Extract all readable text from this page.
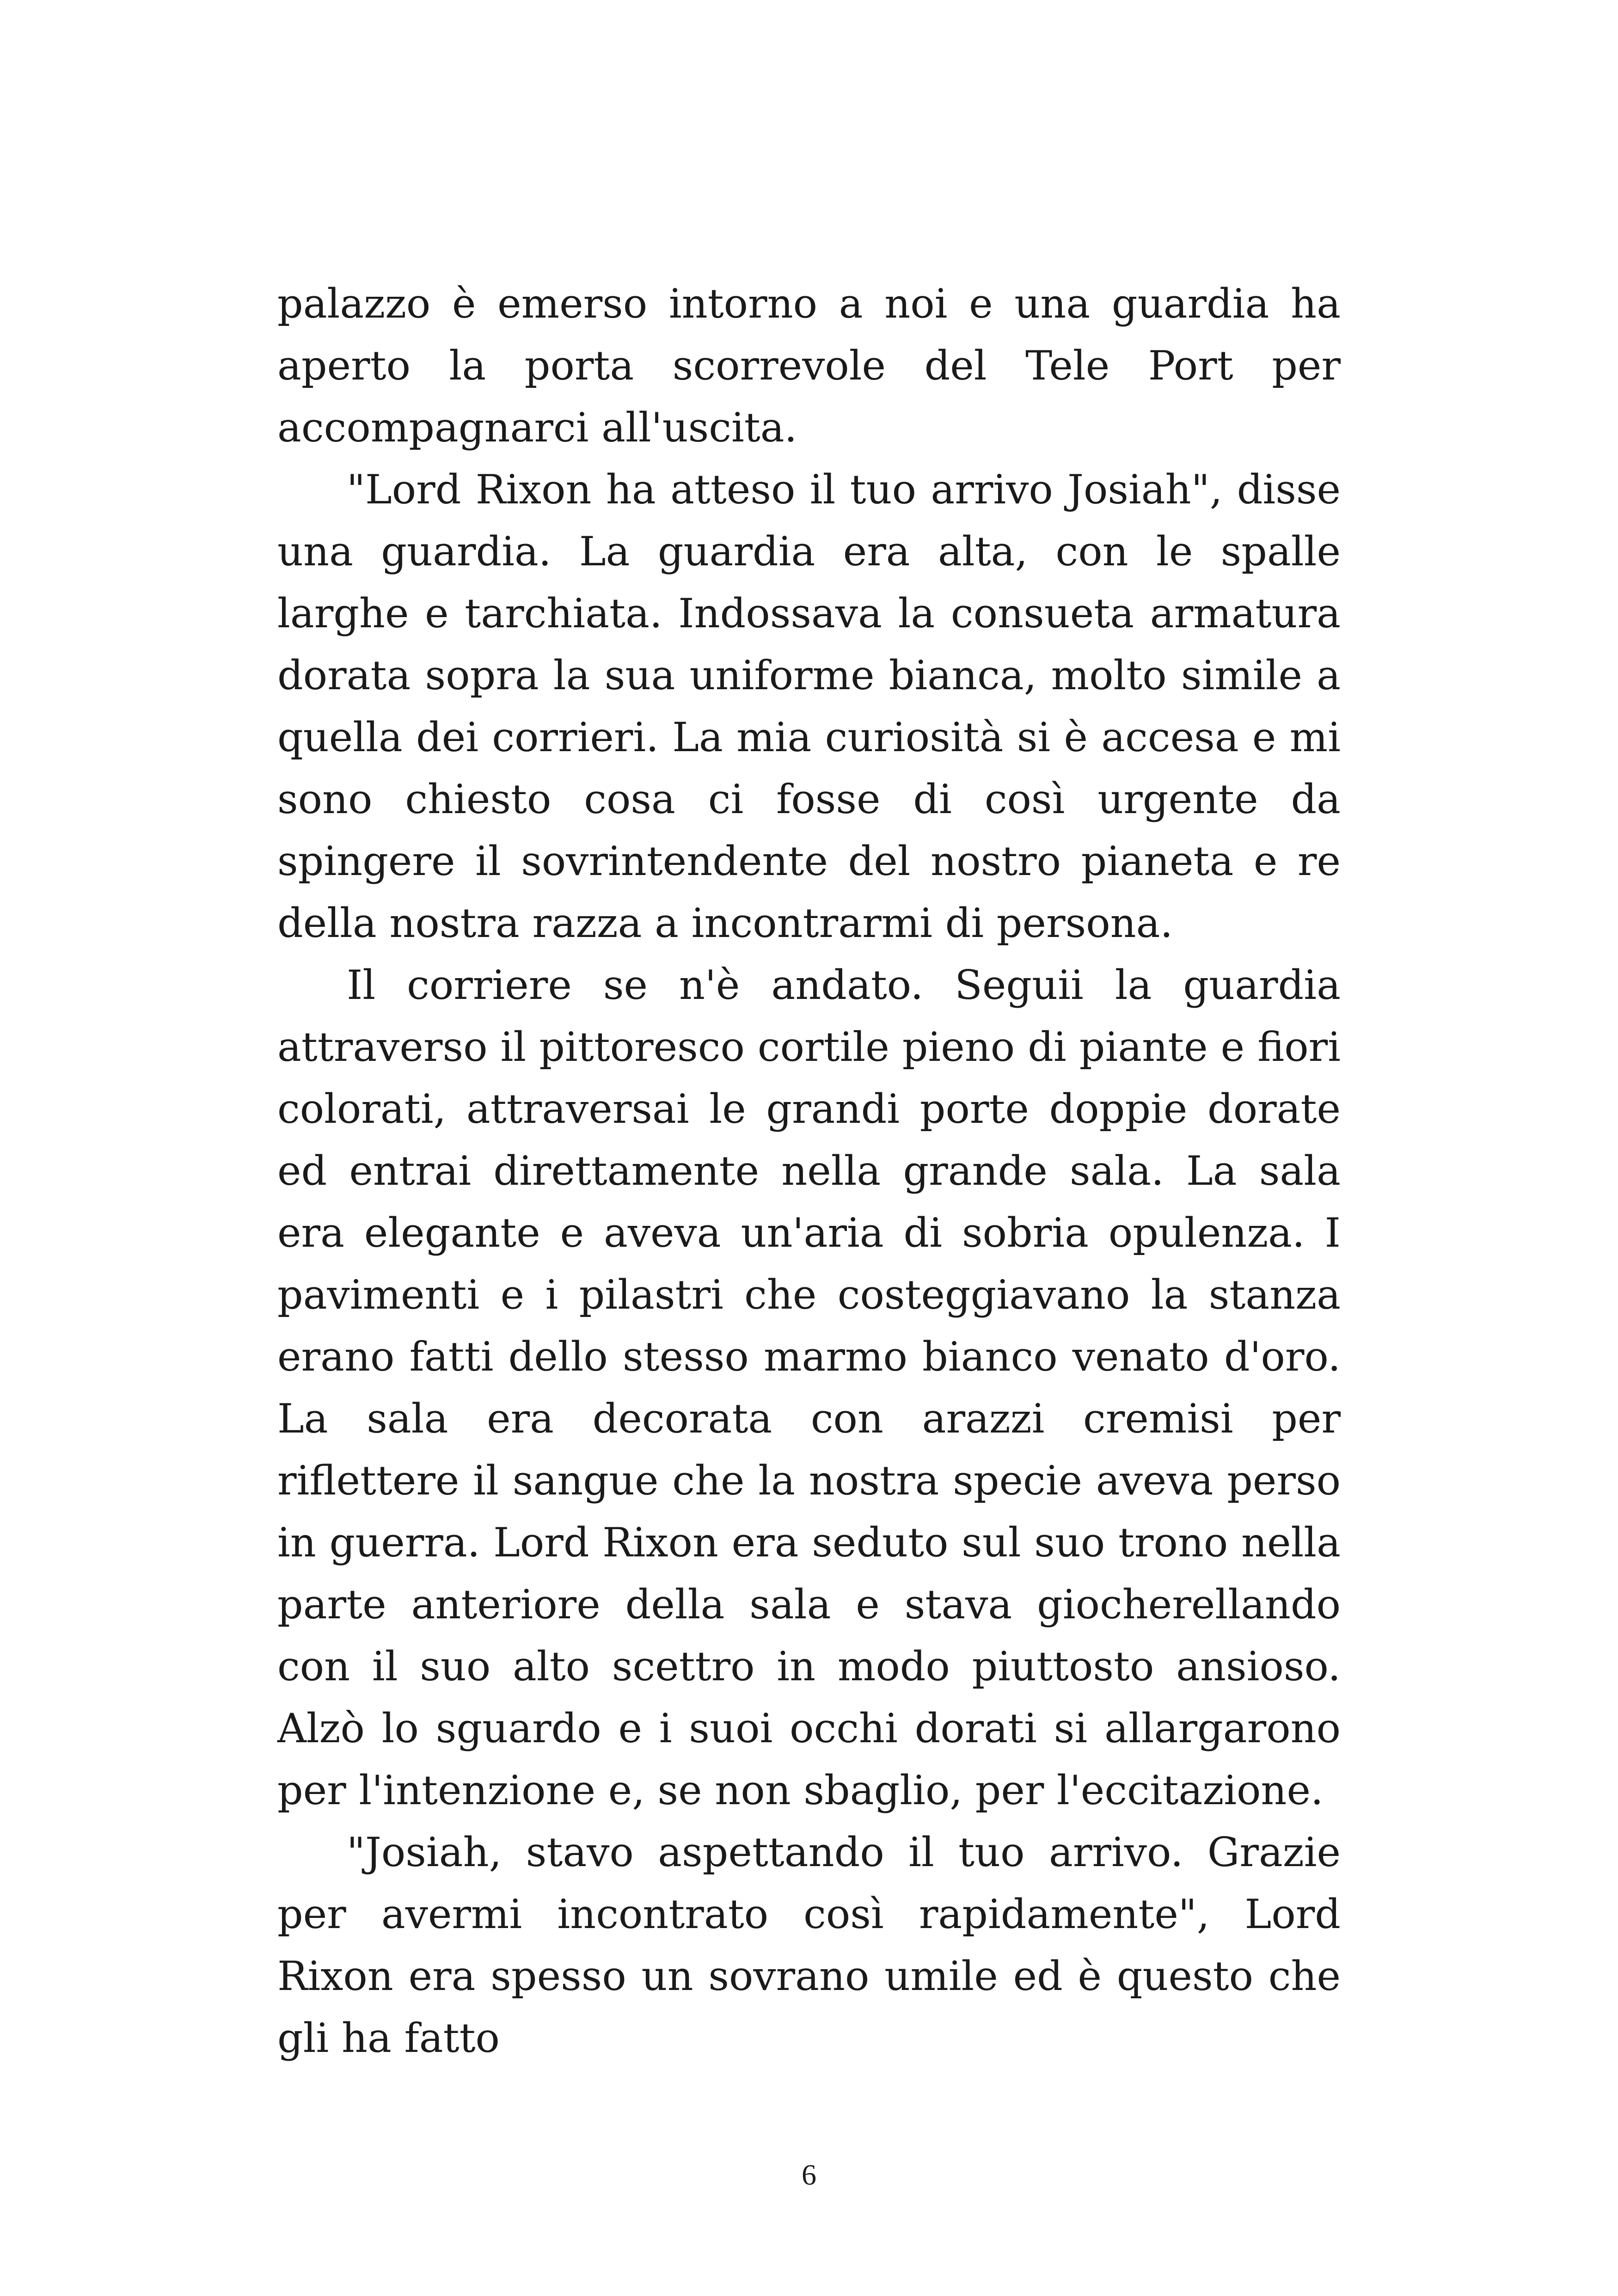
palazzo è emerso intorno a noi e una guardia ha aperto la porta scorrevole del Tele Port per accompagnarci all'uscita.

"Lord Rixon ha atteso il tuo arrivo Josiah", disse una guardia. La guardia era alta, con le spalle larghe e tarchiata. Indossava la consueta armatura dorata sopra la sua uniforme bianca, molto simile a quella dei corrieri. La mia curiosità si è accesa e mi sono chiesto cosa ci fosse di così urgente da spingere il sovrintendente del nostro pianeta e re della nostra razza a incontrarmi di persona.

Il corriere se n'è andato. Seguii la guardia attraverso il pittoresco cortile pieno di piante e fiori colorati, attraversai le grandi porte doppie dorate ed entrai direttamente nella grande sala. La sala era elegante e aveva un'aria di sobria opulenza. I pavimenti e i pilastri che costeggiavano la stanza erano fatti dello stesso marmo bianco venato d'oro. La sala era decorata con arazzi cremisi per riflettere il sangue che la nostra specie aveva perso in guerra. Lord Rixon era seduto sul suo trono nella parte anteriore della sala e stava giocherellando con il suo alto scettro in modo piuttosto ansioso. Alzò lo sguardo e i suoi occhi dorati si allargarono per l'intenzione e, se non sbaglio, per l'eccitazione.

"Josiah, stavo aspettando il tuo arrivo. Grazie per avermi incontrato così rapidamente", Lord Rixon era spesso un sovrano umile ed è questo che gli ha fatto

6
